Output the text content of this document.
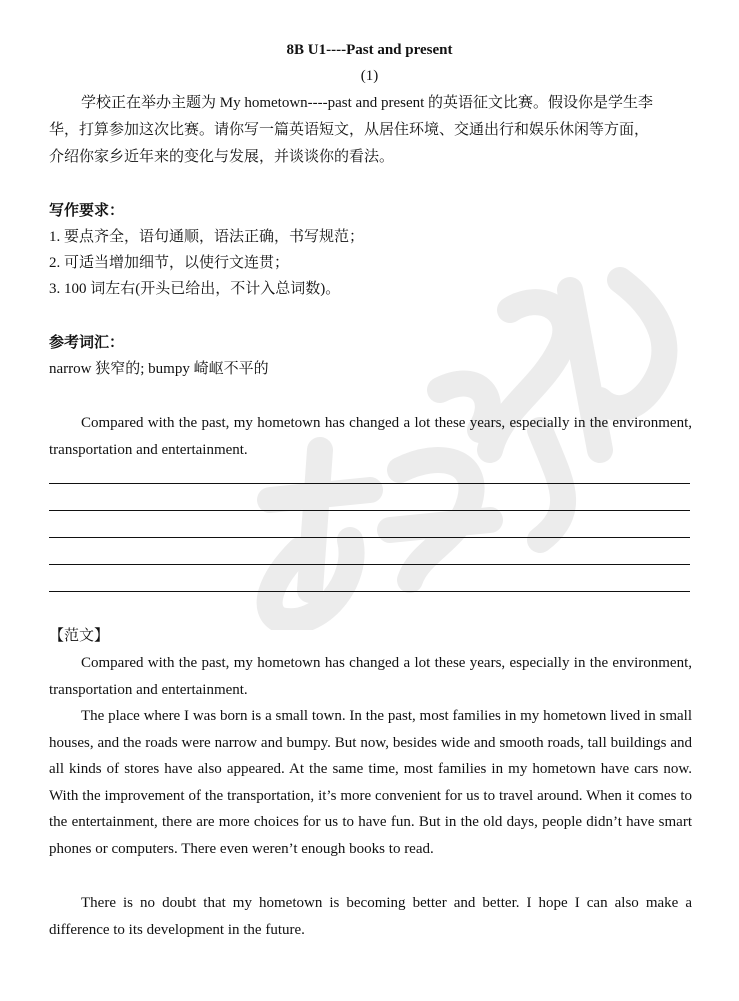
8B U1----Past and present
(1)
学校正在举办主题为 My hometown----past and present 的英语征文比赛。假设你是学生李
华，打算参加这次比赛。请你写一篇英语短文，从居住环境、交通出行和娱乐休闲等方面，
介绍你家乡近年来的变化与发展，并谈谈你的看法。
写作要求：
1. 要点齐全，语句通顺，语法正确，书写规范；
2. 可适当增加细节，以使行文连贯；
3. 100 词左右(开头已给出，不计入总词数)。
参考词汇：
narrow 狭窄的; bumpy 崎岖不平的

Compared with the past, my hometown has changed a lot these years, especially in the environment, transportation and entertainment.

【范文】

Compared with the past, my hometown has changed a lot these years, especially in the environment, transportation and entertainment.

The place where I was born is a small town. In the past, most families in my hometown lived in small houses, and the roads were narrow and bumpy. But now, besides wide and smooth roads, tall buildings and all kinds of stores have also appeared. At the same time, most families in my hometown have cars now. With the improvement of the transportation, it’s more convenient for us to travel around. When it comes to the entertainment, there are more choices for us to have fun. But in the old days, people didn’t have smart phones or computers. There even weren’t enough books to read.

There is no doubt that my hometown is becoming better and better. I hope I can also make a difference to its development in the future.
